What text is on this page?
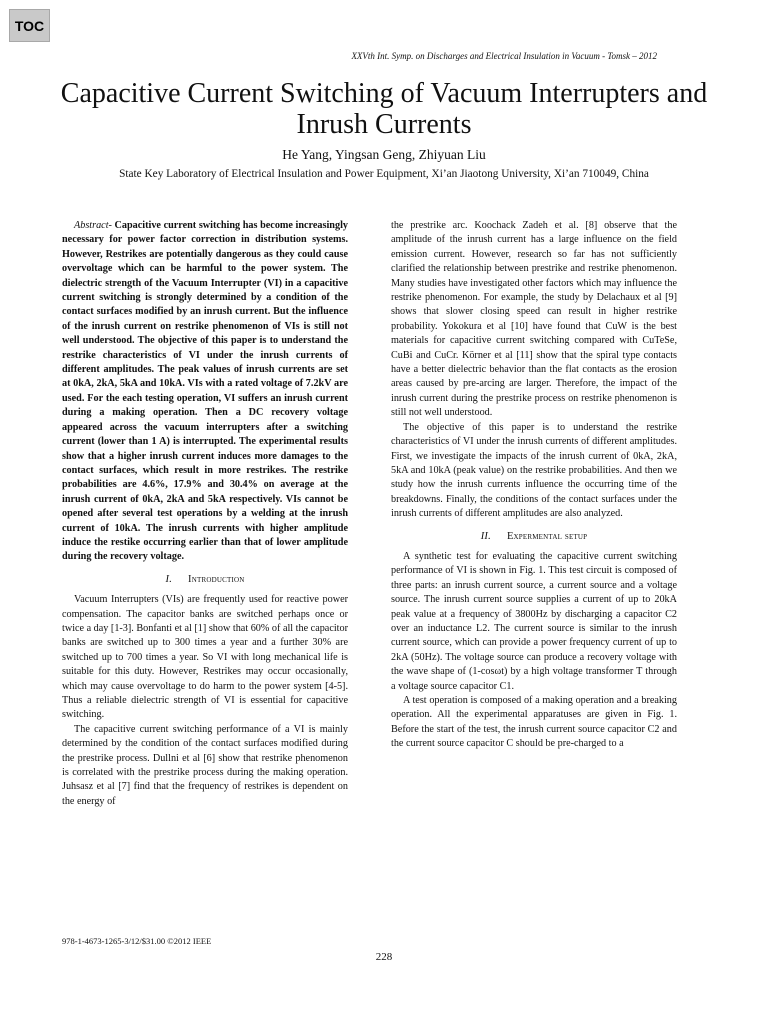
TOC
XXVth Int. Symp. on Discharges and Electrical Insulation in Vacuum - Tomsk – 2012
Capacitive Current Switching of Vacuum Interrupters and Inrush Currents
He Yang, Yingsan Geng, Zhiyuan Liu
State Key Laboratory of Electrical Insulation and Power Equipment, Xi’an Jiaotong University, Xi’an 710049, China

Abstract- Capacitive current switching has become increasingly necessary for power factor correction in distribution systems. However, Restrikes are potentially dangerous as they could cause overvoltage which can be harmful to the power system. The dielectric strength of the Vacuum Interrupter (VI) in a capacitive current switching is strongly determined by a condition of the contact surfaces modified by an inrush current. But the influence of the inrush current on restrike phenomenon of VIs is still not well understood. The objective of this paper is to understand the restrike characteristics of VI under the inrush currents of different amplitudes. The peak values of inrush currents are set at 0kA, 2kA, 5kA and 10kA. VIs with a rated voltage of 7.2kV are used. For the each testing operation, VI suffers an inrush current during a making operation. Then a DC recovery voltage appeared across the vacuum interrupters after a switching current (lower than 1 A) is interrupted. The experimental results show that a higher inrush current induces more damages to the contact surfaces, which result in more restrikes. The restrike probabilities are 4.6%, 17.9% and 30.4% on average at the inrush current of 0kA, 2kA and 5kA respectively. VIs cannot be opened after several test operations by a welding at the inrush current of 10kA. The inrush currents with higher amplitude induce the restike occurring earlier than that of lower amplitude during the recovery voltage.

I. Introduction

Vacuum Interrupters (VIs) are frequently used for reactive power compensation. The capacitor banks are switched perhaps once or twice a day [1-3]. Bonfanti et al [1] show that 60% of all the capacitor banks are switched up to 300 times a year and a further 30% are switched up to 700 times a year. So VI with long mechanical life is suitable for this duty. However, Restrikes may occur occasionally, which may cause overvoltage to do harm to the power system [4-5]. Thus a reliable dielectric strength of VI is essential for capacitive switching.

The capacitive current switching performance of a VI is mainly determined by the condition of the contact surfaces modified during the prestrike process. Dullni et al [6] show that restrike phenomenon is correlated with the prestrike process during the making operation. Juhsasz et al [7] find that the frequency of restrikes is dependent on the energy of

the prestrike arc. Koochack Zadeh et al. [8] observe that the amplitude of the inrush current has a large influence on the field emission current. However, research so far has not sufficiently clarified the relationship between prestrike and restrike phenomenon. Many studies have investigated other factors which may influence the restrike phenomenon. For example, the study by Delachaux et al [9] shows that slower closing speed can result in higher restrike probability. Yokokura et al [10] have found that CuW is the best materials for capacitive current switching compared with CuTeSe, CuBi and CuCr. Körner et al [11] show that the spiral type contacts have a better dielectric behavior than the flat contacts as the erosion areas caused by pre-arcing are larger. Therefore, the impact of the inrush current during the prestrike process on restrike phenomenon is still not well understood.

The objective of this paper is to understand the restrike characteristics of VI under the inrush currents of different amplitudes. First, we investigate the impacts of the inrush current of 0kA, 2kA, 5kA and 10kA (peak value) on the restrike probabilities. And then we study how the inrush currents influence the occurring time of the breakdowns. Finally, the conditions of the contact surfaces under the inrush currents of different amplitudes are also analyzed.

II. Expermental setup

A synthetic test for evaluating the capacitive current switching performance of VI is shown in Fig. 1. This test circuit is composed of three parts: an inrush current source, a current source and a voltage source. The inrush current source supplies a current of up to 20kA peak value at a frequency of 3800Hz by discharging a capacitor C2 over an inductance L2. The current source is similar to the inrush current source, which can provide a power frequency current of up to 2kA (50Hz). The voltage source can produce a recovery voltage with the wave shape of (1-cosωt) by a high voltage transformer T through a voltage source capacitor C1.

A test operation is composed of a making operation and a breaking operation. All the experimental apparatuses are given in Fig. 1. Before the start of the test, the inrush current source capacitor C2 and the current source capacitor C should be pre-charged to a

978-1-4673-1265-3/12/$31.00 ©2012 IEEE
228
